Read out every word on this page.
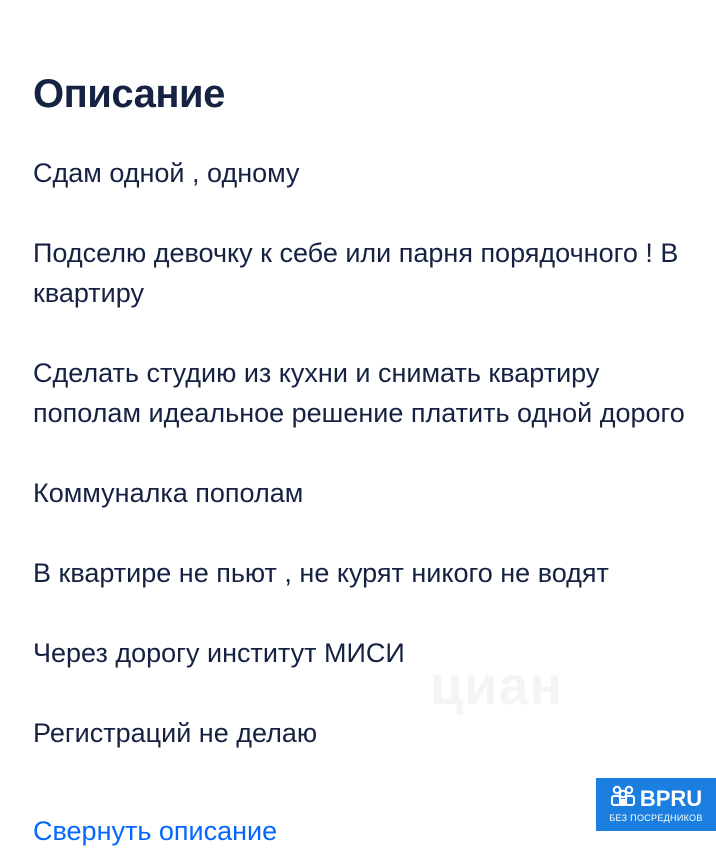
Описание

Сдам одной , одному

Подселю девочку к себе или парня порядочного ! В квартиру

Сделать студию из кухни и снимать квартиру пополам идеальное решение платить одной дорого

Коммуналка пополам

В квартире не пьют , не курят никого не водят

Через дорогу институт МИСИ

Регистраций не делаю

циан
Свернуть описание
BPRU
БЕЗ ПОСРЕДНИКОВ
